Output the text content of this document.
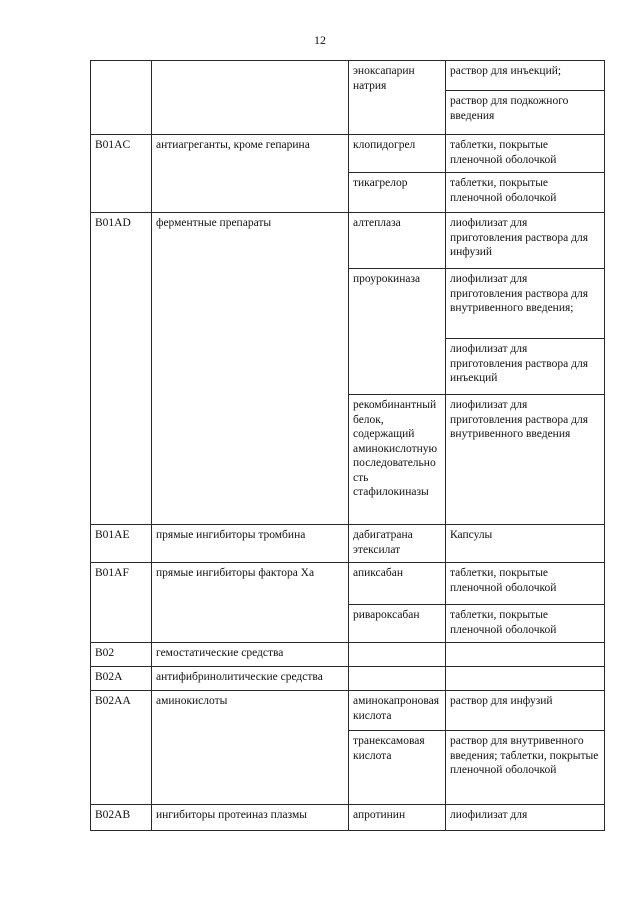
12
		эноксапарин натрия	раствор для инъекций;
			раствор для подкожного введения
B01AC	антиагреганты, кроме гепарина	клопидогрел	таблетки, покрытые пленочной оболочкой
		тикагрелор	таблетки, покрытые пленочной оболочкой
B01AD	ферментные препараты	алтеплаза	лиофилизат для приготовления раствора для инфузий
		проурокиназа	лиофилизат для приготовления раствора для внутривенного введения;
			лиофилизат для приготовления раствора для инъекций
		рекомбинантный белок, содержащий аминокислотную последовательность стафилокиназы	лиофилизат для приготовления раствора для внутривенного введения
B01AE	прямые ингибиторы тромбина	дабигатрана этексилат	Капсулы
B01AF	прямые ингибиторы фактора Ха	апиксабан	таблетки, покрытые пленочной оболочкой
		ривароксабан	таблетки, покрытые пленочной оболочкой
B02	гемостатические средства		
B02A	антифибринолитические средства		
B02AA	аминокислоты	аминокапроновая кислота	раствор для инфузий
		транексамовая кислота	раствор для внутривенного введения; таблетки, покрытые пленочной оболочкой
B02AB	ингибиторы протеиназ плазмы	апротинин	лиофилизат для
